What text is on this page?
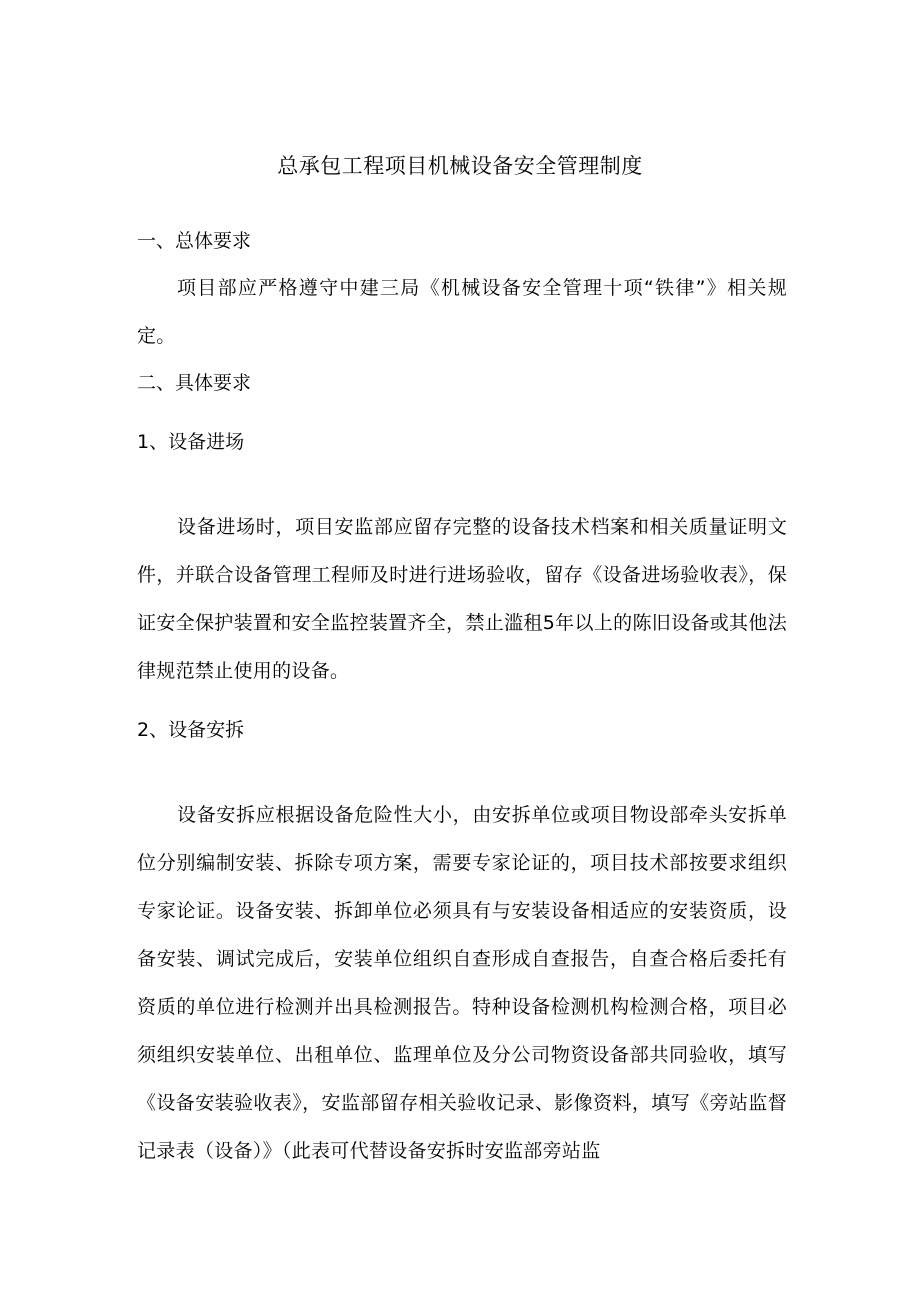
总承包工程项目机械设备安全管理制度
一、总体要求

项目部应严格遵守中建三局《机械设备安全管理十项“铁律”》相关规定。

二、具体要求
1、设备进场

设备进场时，项目安监部应留存完整的设备技术档案和相关质量证明文件，并联合设备管理工程师及时进行进场验收，留存《设备进场验收表》，保证安全保护装置和安全监控装置齐全，禁止滥租5年以上的陈旧设备或其他法律规范禁止使用的设备。

2、设备安拆

设备安拆应根据设备危险性大小，由安拆单位或项目物设部牵头安拆单位分别编制安装、拆除专项方案，需要专家论证的，项目技术部按要求组织专家论证。设备安装、拆卸单位必须具有与安装设备相适应的安装资质，设备安装、调试完成后，安装单位组织自查形成自查报告，自查合格后委托有资质的单位进行检测并出具检测报告。特种设备检测机构检测合格，项目必须组织安装单位、出租单位、监理单位及分公司物资设备部共同验收，填写《设备安装验收表》，安监部留存相关验收记录、影像资料，填写《旁站监督记录表（设备）》（此表可代替设备安拆时安监部旁站监
